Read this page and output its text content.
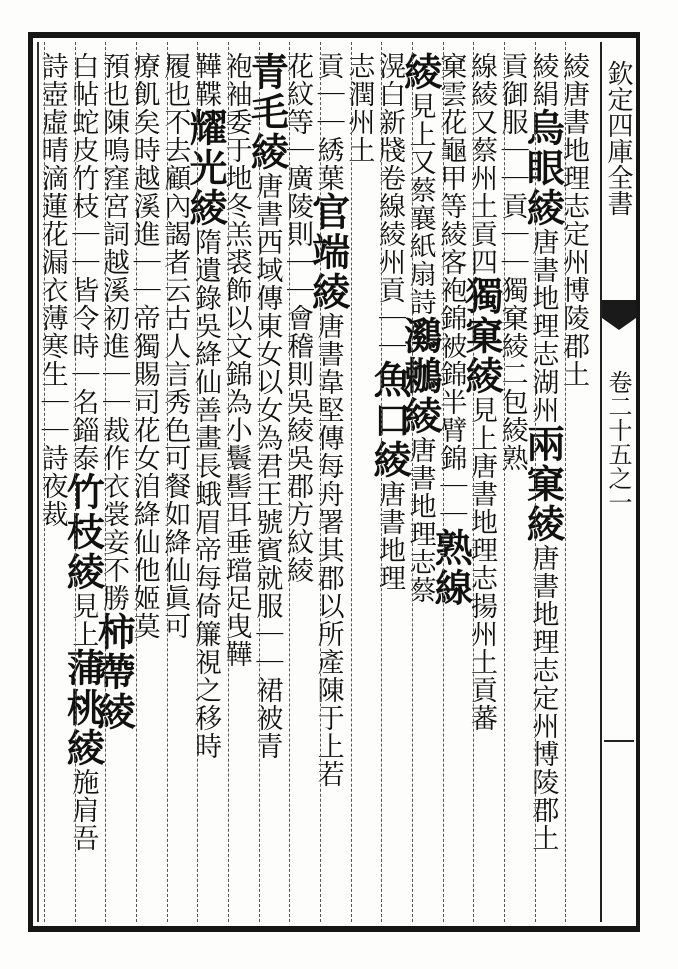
欽定四庫全書
卷二十五之一
綾唐書地理志定州博陵郡土
綾絹烏眼綾唐書地理志湖州兩窠綾唐書地理志定州博陵郡土
貢御服｜｜貢｜｜獨窠綾二包綾熟
線綾又蔡州土貢四獨窠綾見上唐書地理志揚州土貢蕃
窠雲花龜甲等綾客袍錦被錦半臂錦｜｜熟線
綾見上又蔡襄紙扇詩鸂鶒綾唐書地理志蔡
滉白新牋卷線綾州貢｜｜魚口綾唐書地理
志潤州土
貢｜｜綉葉官端綾唐書韋堅傳每舟署其郡以所產陳于上若
花紋等｜廣陵則｜｜會稽則吳綾吳郡方紋綾
青毛綾唐書西域傳東女以女為君王號賓就服｜｜裙被青
袍袖委于地冬羔裘飾以文錦為小鬟髻耳垂璫足曳鞾
鞾鞢耀光綾隋遺錄吳絳仙善畫長蛾眉帝每倚簾視之移時
履也不去顧內謁者云古人言秀色可餐如絳仙眞可
療飢矣時越溪進｜｜帝獨賜司花女洎絳仙他姬莫
預也陳鳴窪宮詞越溪初進｜｜裁作衣裳妾不勝柿蔕綾
白帖蛇皮竹枝｜｜皆令時｜名錙泰竹枝綾見上蒲桃綾施肩吾
詩壺虛晴滴蓮花漏衣薄寒生｜｜詩夜裁
